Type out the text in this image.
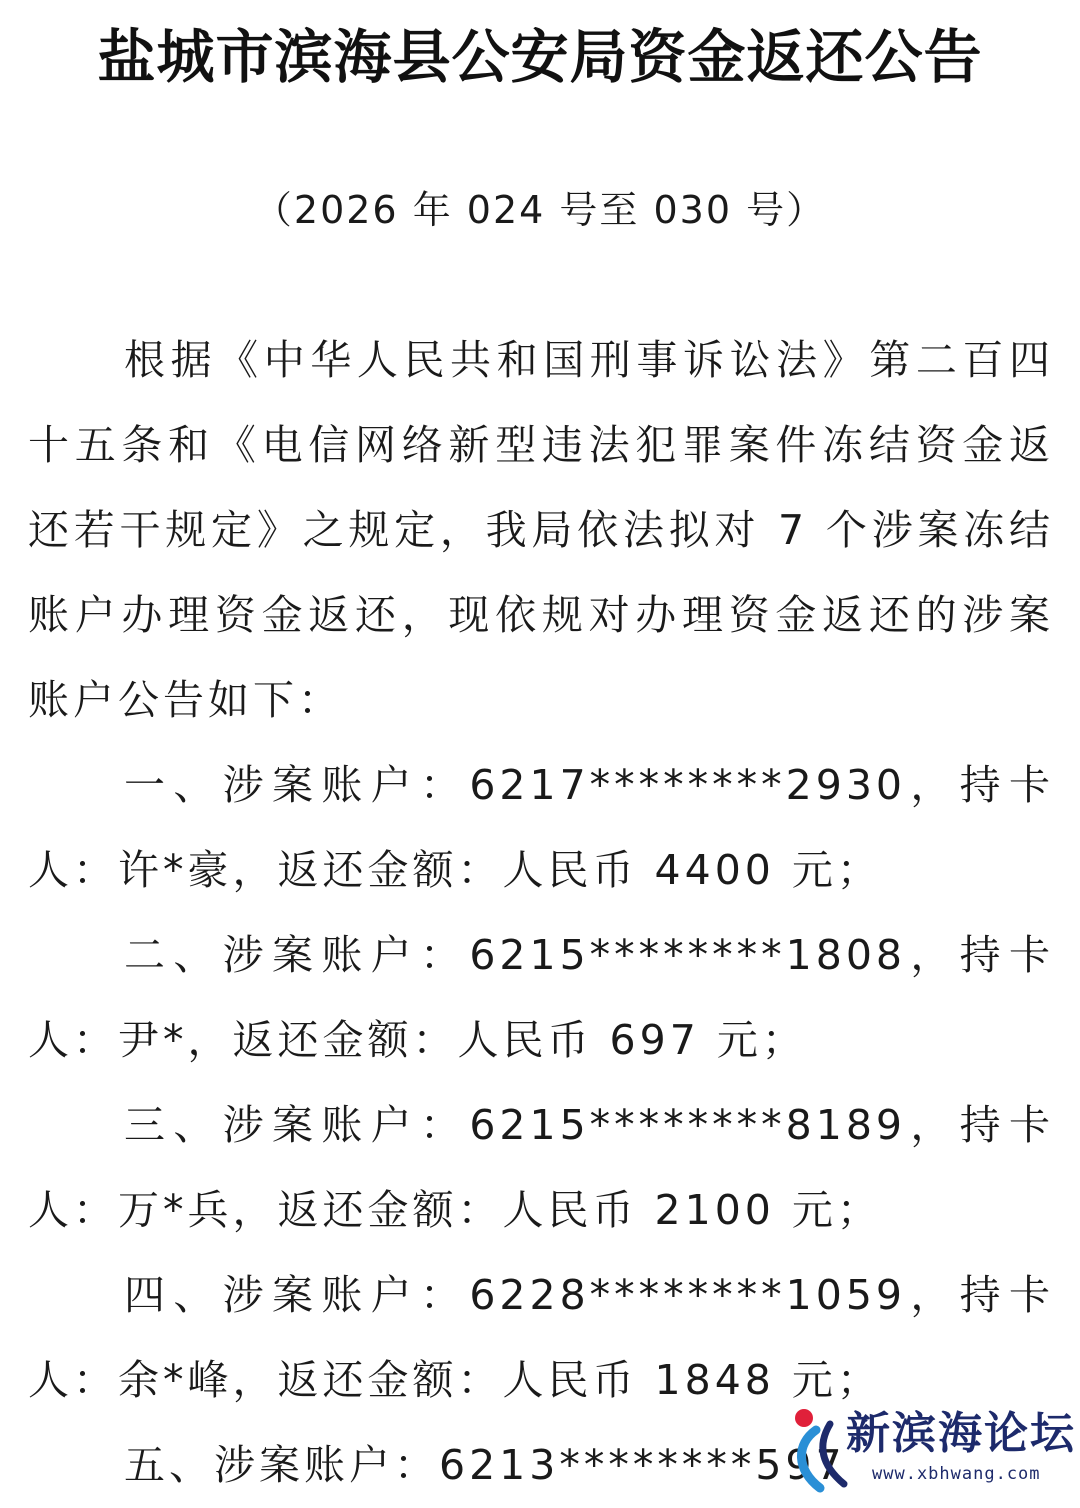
盐城市滨海县公安局资金返还公告
（2026 年 024 号至 030 号）

根据《中华人民共和国刑事诉讼法》第二百四十五条和《电信网络新型违法犯罪案件冻结资金返还若干规定》之规定，我局依法拟对 7 个涉案冻结账户办理资金返还，现依规对办理资金返还的涉案账户公告如下：

一、涉案账户：6217********2930，持卡人：许*豪，返还金额：人民币 4400 元；

二、涉案账户：6215********1808，持卡人：尹*，返还金额：人民币 697 元；

三、涉案账户：6215********8189，持卡人：万*兵，返还金额：人民币 2100 元；

四、涉案账户：6228********1059，持卡人：余*峰，返还金额：人民币 1848 元；

五、涉案账户：6213********597

新滨海论坛
www.xbhwang.com
